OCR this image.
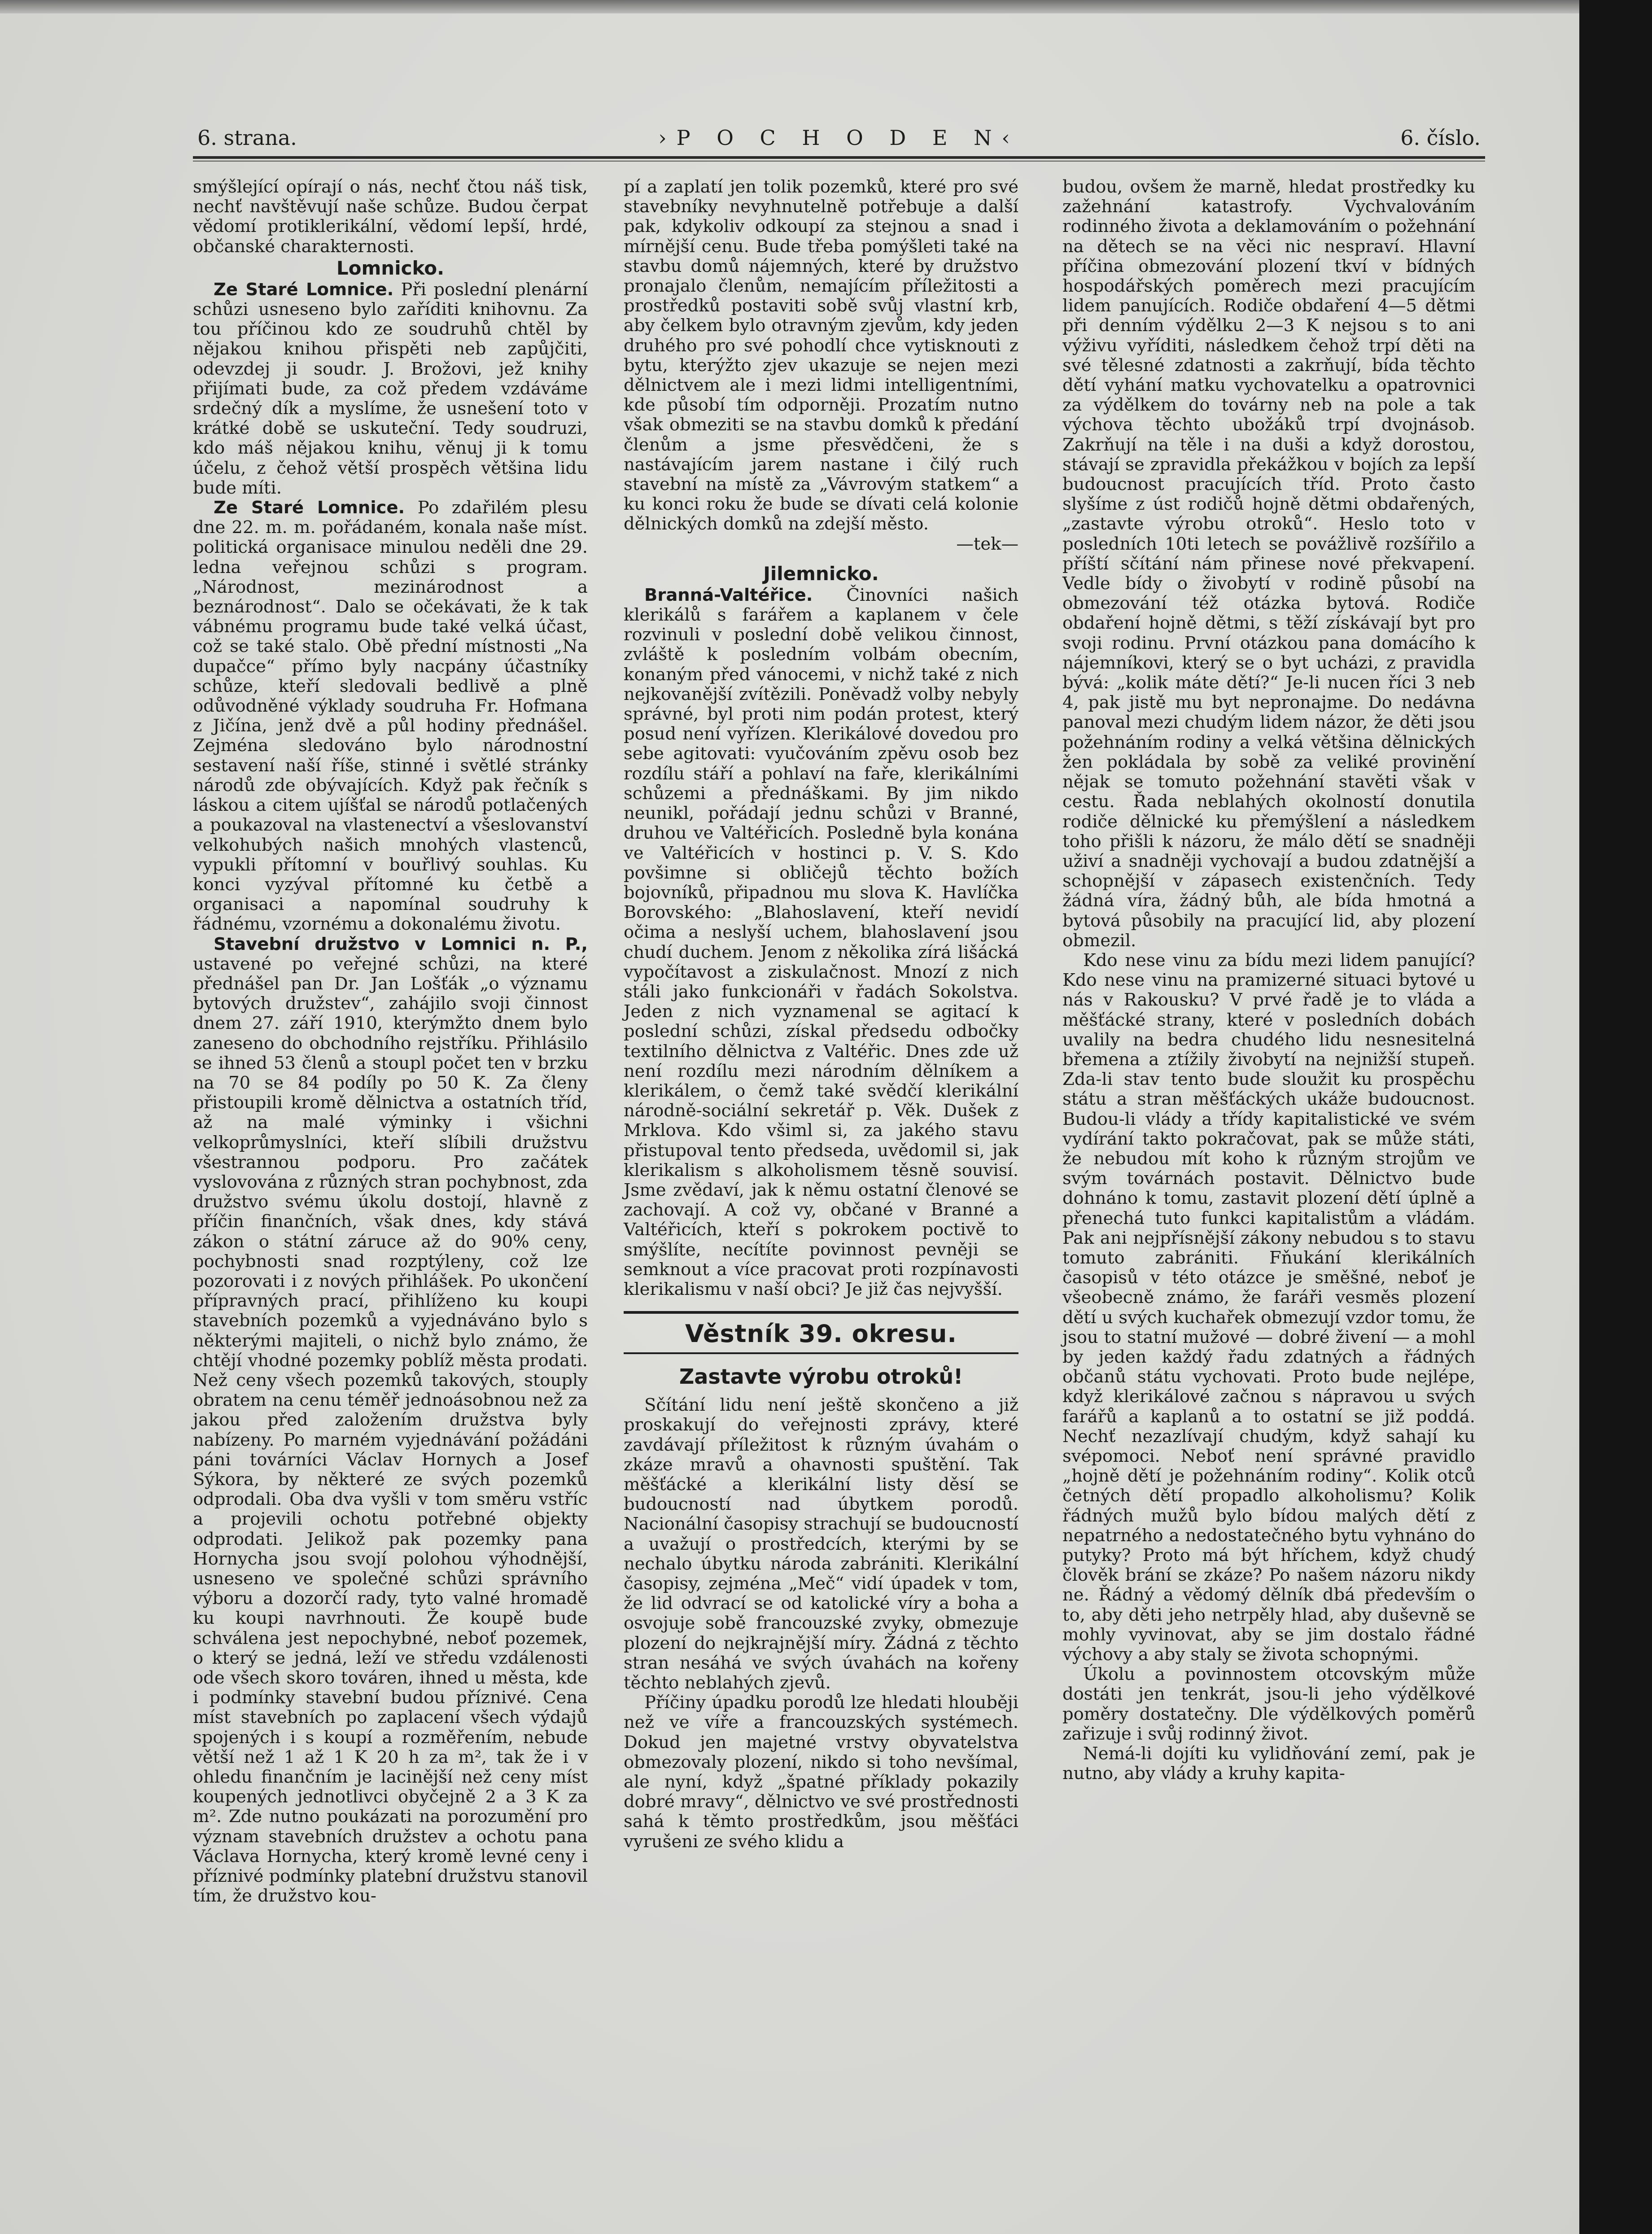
6. strana.	›P O C H O D E N‹	6. číslo.

smýšlející opírají o nás, nechť čtou náš tisk, nechť navštěvují naše schůze. Budou čerpat vědomí protiklerikální, vědomí lepší, hrdé, občanské charakternosti.

Lomnicko.

Ze Staré Lomnice. Při poslední plenární schůzi usneseno bylo zaříditi knihovnu. Za tou příčinou kdo ze soudruhů chtěl by nějakou knihou přispěti neb zapůjčiti, odevzdej ji soudr. J. Brožovi, jež knihy přijímati bude, za což předem vzdáváme srdečný dík a myslíme, že usnešení toto v krátké době se uskuteční. Tedy soudruzi, kdo máš nějakou knihu, věnuj ji k tomu účelu, z čehož větší prospěch většina lidu bude míti.

Ze Staré Lomnice. Po zdařilém plesu dne 22. m. m. pořádaném, konala naše míst. politická organisace minulou neděli dne 29. ledna veřejnou schůzi s program. „Národnost, mezinárodnost a beznárodnost“. Dalo se očekávati, že k tak vábnému programu bude také velká účast, což se také stalo. Obě přední místnosti „Na dupačce“ přímo byly nacpány účastníky schůze, kteří sledovali bedlivě a plně odůvodněné výklady soudruha Fr. Hofmana z Jičína, jenž dvě a půl hodiny přednášel. Zejména sledováno bylo národnostní sestavení naší říše, stinné i světlé stránky národů zde obývajících. Když pak řečník s láskou a citem ujíšťal se národů potlačených a poukazoval na vlastenectví a všeslovanství velkohubých našich mnohých vlastenců, vypukli přítomní v bouřlivý souhlas. Ku konci vyzýval přítomné ku četbě a organisaci a napomínal soudruhy k řádnému, vzornému a dokonalému životu.

Stavební družstvo v Lomnici n. P., ustavené po veřejné schůzi, na které přednášel pan Dr. Jan Lošťák „o významu bytových družstev“, zahájilo svoji činnost dnem 27. září 1910, kterýmžto dnem bylo zaneseno do obchodního rejstříku. Přihlásilo se ihned 53 členů a stoupl počet ten v brzku na 70 se 84 podíly po 50 K. Za členy přistoupili kromě dělnictva a ostatních tříd, až na malé výminky i všichni velkoprůmyslníci, kteří slíbili družstvu všestrannou podporu. Pro začátek vyslovována z různých stran pochybnost, zda družstvo svému úkolu dostojí, hlavně z příčin finančních, však dnes, kdy stává zákon o státní záruce až do 90% ceny, pochybnosti snad rozptýleny, což lze pozorovati i z nových přihlášek. Po ukončení přípravných prací, přihlíženo ku koupi stavebních pozemků a vyjednáváno bylo s některými majiteli, o nichž bylo známo, že chtějí vhodné pozemky poblíž města prodati. Než ceny všech pozemků takových, stouply obratem na cenu téměř jednoásobnou než za jakou před založením družstva byly nabízeny. Po marném vyjednávání požádáni páni továrníci Václav Hornych a Josef Sýkora, by některé ze svých pozemků odprodali. Oba dva vyšli v tom směru vstříc a projevili ochotu potřebné objekty odprodati. Jelikož pak pozemky pana Hornycha jsou svojí polohou výhodnější, usneseno ve společné schůzi správního výboru a dozorčí rady, tyto valné hromadě ku koupi navrhnouti. Že koupě bude schválena jest nepochybné, neboť pozemek, o který se jedná, leží ve středu vzdálenosti ode všech skoro továren, ihned u města, kde i podmínky stavební budou příznivé. Cena míst stavebních po zaplacení všech výdajů spojených i s koupí a rozměřením, nebude větší než 1 až 1 K 20 h za m², tak že i v ohledu finančním je lacinější než ceny míst koupených jednotlivci obyčejně 2 a 3 K za m². Zde nutno poukázati na porozumění pro význam stavebních družstev a ochotu pana Václava Hornycha, který kromě levné ceny i příznivé podmínky platební družstvu stanovil tím, že družstvo kou-

pí a zaplatí jen tolik pozemků, které pro své stavebníky nevyhnutelně potřebuje a další pak, kdykoliv odkoupí za stejnou a snad i mírnější cenu. Bude třeba pomýšleti také na stavbu domů nájemných, které by družstvo pronajalo členům, nemajícím příležitosti a prostředků postaviti sobě svůj vlastní krb, aby čelkem bylo otravným zjevům, kdy jeden druhého pro své pohodlí chce vytisknouti z bytu, kterýžto zjev ukazuje se nejen mezi dělnictvem ale i mezi lidmi intelligentními, kde působí tím odporněji. Prozatím nutno však obmeziti se na stavbu domků k předání členům a jsme přesvědčeni, že s nastávajícím jarem nastane i čilý ruch stavební na místě za „Vávrovým statkem“ a ku konci roku že bude se dívati celá kolonie dělnických domků na zdejší město.

—tek—
Jilemnicko.

Branná-Valtéřice. Činovníci našich klerikálů s farářem a kaplanem v čele rozvinuli v poslední době velikou činnost, zvláště k posledním volbám obecním, konaným před vánocemi, v nichž také z nich nejkovanější zvítězili. Poněvadž volby nebyly správné, byl proti nim podán protest, který posud není vyřízen. Klerikálové dovedou pro sebe agitovati: vyučováním zpěvu osob bez rozdílu stáří a pohlaví na faře, klerikálními schůzemi a přednáškami. By jim nikdo neunikl, pořádají jednu schůzi v Branné, druhou ve Valtéřicích. Posledně byla konána ve Valtéřicích v hostinci p. V. S. Kdo povšimne si obličejů těchto božích bojovníků, připadnou mu slova K. Havlíčka Borovského: „Blahoslavení, kteří nevidí očima a neslyší uchem, blahoslavení jsou chudí duchem. Jenom z několika zírá lišácká vypočítavost a ziskulačnost. Mnozí z nich stáli jako funkcionáři v řadách Sokolstva. Jeden z nich vyznamenal se agitací k poslední schůzi, získal předsedu odbočky textilního dělnictva z Valtéřic. Dnes zde už není rozdílu mezi národním dělníkem a klerikálem, o čemž také svědčí klerikální národně-sociální sekretář p. Věk. Dušek z Mrklova. Kdo všiml si, za jakého stavu přistupoval tento předseda, uvědomil si, jak klerikalism s alkoholismem těsně souvisí. Jsme zvědaví, jak k němu ostatní členové se zachovají. A což vy, občané v Branné a Valtéřicích, kteří s pokrokem poctivě to smýšlíte, necítíte povinnost pevněji se semknout a více pracovat proti rozpínavosti klerikalismu v naší obci? Je již čas nejvyšší.

Věstník 39. okresu.
Zastavte výrobu otroků!

Sčítání lidu není ještě skončeno a již proskakují do veřejnosti zprávy, které zavdávají příležitost k různým úvahám o zkáze mravů a ohavnosti spuštění. Tak měšťácké a klerikální listy děsí se budoucností nad úbytkem porodů. Nacionální časopisy strachují se budoucností a uvažují o prostředcích, kterými by se nechalo úbytku národa zabrániti. Klerikální časopisy, zejména „Meč“ vidí úpadek v tom, že lid odvrací se od katolické víry a boha a osvojuje sobě francouzské zvyky, obmezuje plození do nejkrajnější míry. Žádná z těchto stran nesáhá ve svých úvahách na kořeny těchto neblahých zjevů.

Příčiny úpadku porodů lze hledati hlouběji než ve víře a francouzských systémech. Dokud jen majetné vrstvy obyvatelstva obmezovaly plození, nikdo si toho nevšímal, ale nyní, když „špatné příklady pokazily dobré mravy“, dělnictvo ve své prostřednosti sahá k těmto prostředkům, jsou měšťáci vyrušeni ze svého klidu a

budou, ovšem že marně, hledat prostředky ku zažehnání katastrofy. Vychvalováním rodinného života a deklamováním o požehnání na dětech se na věci nic nespraví. Hlavní příčina obmezování plození tkví v bídných hospodářských poměrech mezi pracujícím lidem panujících. Rodiče obdaření 4—5 dětmi při denním výdělku 2—3 K nejsou s to ani výživu vyříditi, následkem čehož trpí děti na své tělesné zdatnosti a zakrňují, bída těchto dětí vyhání matku vychovatelku a opatrovnici za výdělkem do továrny neb na pole a tak výchova těchto ubožáků trpí dvojnásob. Zakrňují na těle i na duši a když dorostou, stávají se zpravidla překážkou v bojích za lepší budoucnost pracujících tříd. Proto často slyšíme z úst rodičů hojně dětmi obdařených, „zastavte výrobu otroků“. Heslo toto v posledních 10ti letech se povážlivě rozšířilo a příští sčítání nám přinese nové překvapení. Vedle bídy o živobytí v rodině působí na obmezování též otázka bytová. Rodiče obdaření hojně dětmi, s těží získávají byt pro svoji rodinu. První otázkou pana domácího k nájemníkovi, který se o byt ucházi, z pravidla bývá: „kolik máte dětí?“ Je-li nucen říci 3 neb 4, pak jistě mu byt nepronajme. Do nedávna panoval mezi chudým lidem názor, že děti jsou požehnáním rodiny a velká většina dělnických žen pokládala by sobě za veliké provinění nějak se tomuto požehnání stavěti však v cestu. Řada neblahých okolností donutila rodiče dělnické ku přemýšlení a následkem toho přišli k názoru, že málo dětí se snadněji uživí a snadněji vychovají a budou zdatnější a schopnější v zápasech existenčních. Tedy žádná víra, žádný bůh, ale bída hmotná a bytová působily na pracující lid, aby plození obmezil.

Kdo nese vinu za bídu mezi lidem panující? Kdo nese vinu na pramizerné situaci bytové u nás v Rakousku? V prvé řadě je to vláda a měšťácké strany, které v posledních dobách uvalily na bedra chudého lidu nesnesitelná břemena a ztížily živobytí na nejnižší stupeň. Zda-li stav tento bude sloužit ku prospěchu státu a stran měšťáckých ukáže budoucnost. Budou-li vlády a třídy kapitalistické ve svém vydírání takto pokračovat, pak se může státi, že nebudou mít koho k různým strojům ve svým továrnách postavit. Dělnictvo bude dohnáno k tomu, zastavit plození dětí úplně a přenechá tuto funkci kapitalistům a vládám. Pak ani nejpřísnější zákony nebudou s to stavu tomuto zabrániti. Fňukání klerikálních časopisů v této otázce je směšné, neboť je všeobecně známo, že faráři vesměs plození dětí u svých kuchařek obmezují vzdor tomu, že jsou to statní mužové — dobré živení — a mohl by jeden každý řadu zdatných a řádných občanů státu vychovati. Proto bude nejlépe, když klerikálové začnou s nápravou u svých farářů a kaplanů a to ostatní se již poddá. Nechť nezazlívají chudým, když sahají ku svépomoci. Neboť není správné pravidlo „hojně dětí je požehnáním rodiny“. Kolik otců četných dětí propadlo alkoholismu? Kolik řádných mužů bylo bídou malých dětí z nepatrného a nedostatečného bytu vyhnáno do putyky? Proto má být hříchem, když chudý člověk brání se zkáze? Po našem názoru nikdy ne. Řádný a vědomý dělník dbá především o to, aby děti jeho netrpěly hlad, aby duševně se mohly vyvinovat, aby se jim dostalo řádné výchovy a aby staly se života schopnými.

Úkolu a povinnostem otcovským může dostáti jen tenkrát, jsou-li jeho výdělkové poměry dostatečny. Dle výdělkových poměrů zařizuje i svůj rodinný život.

Nemá-li dojíti ku vylidňování zemí, pak je nutno, aby vlády a kruhy kapita-
